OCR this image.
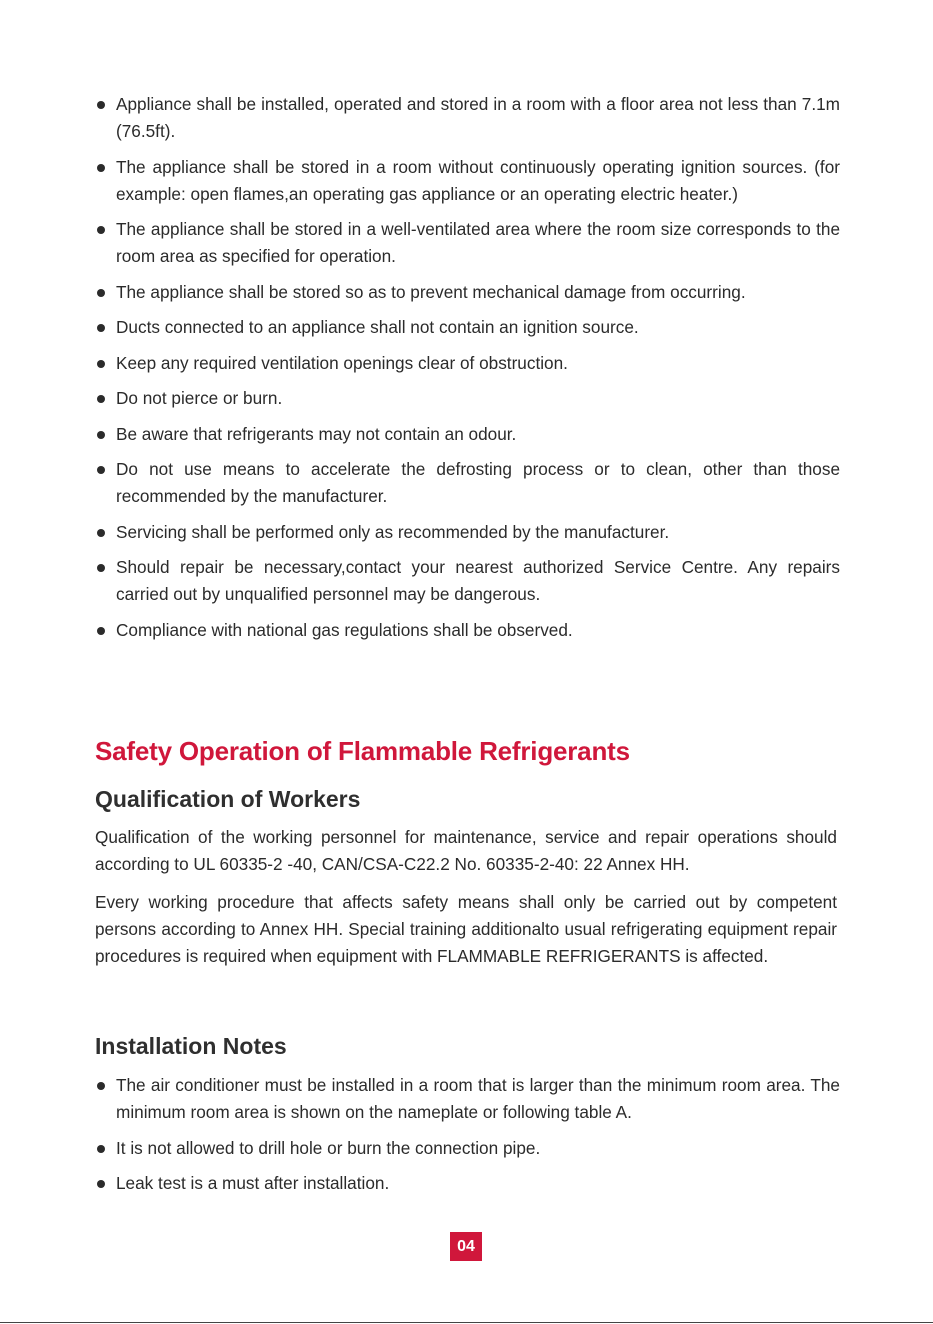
Appliance shall be installed, operated and stored in a room with a floor area not less than 7.1m (76.5ft).
The appliance shall be stored in a room without continuously operating ignition sources. (for example: open flames,an operating gas appliance or an operating electric heater.)
The appliance shall be stored in a well-ventilated area where the room size corresponds to the room area as specified for operation.
The appliance shall be stored so as to prevent mechanical damage from occurring.
Ducts connected to an appliance shall not contain an ignition source.
Keep any required ventilation openings clear of obstruction.
Do not pierce or burn.
Be aware that refrigerants may not contain an odour.
Do not use means to accelerate the defrosting process or to clean, other than those recommended by the manufacturer.
Servicing shall be performed only as recommended by the manufacturer.
Should repair be necessary,contact your nearest authorized Service Centre. Any repairs carried out by unqualified personnel may be dangerous.
Compliance with national gas regulations shall be observed.
Safety Operation of Flammable Refrigerants
Qualification of Workers

Qualification of the working personnel for maintenance, service and repair operations should according to UL 60335-2 -40, CAN/CSA-C22.2 No. 60335-2-40: 22 Annex HH.

Every working procedure that affects safety means shall only be carried out by competent persons according to Annex HH. Special training additionalto usual refrigerating equipment repair procedures is required when equipment with FLAMMABLE REFRIGERANTS is affected.

Installation Notes
The air conditioner must be installed in a room that is larger than the minimum room area. The minimum room area is shown on the nameplate or following table A.
It is not allowed to drill hole or burn the connection pipe.
Leak test is a must after installation.
04
